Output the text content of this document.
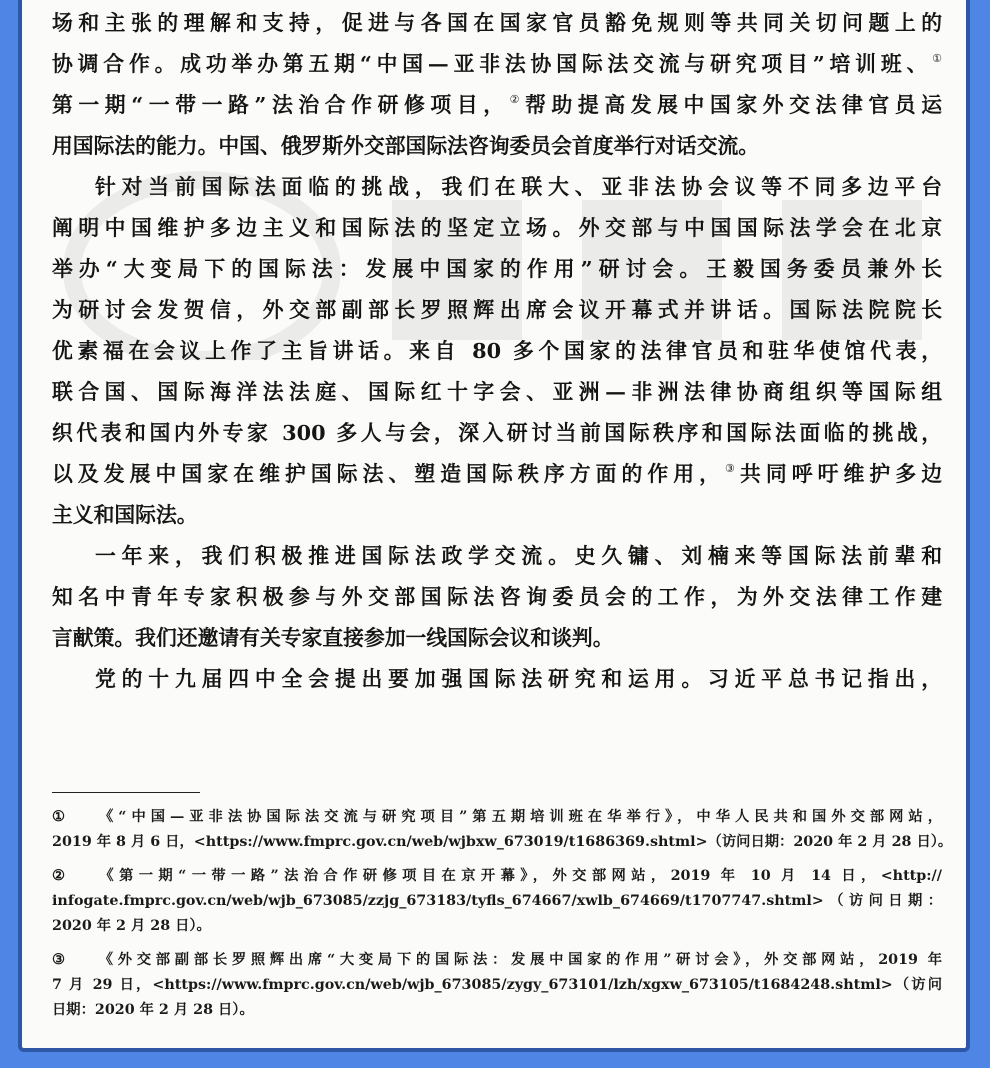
场和主张的理解和支持，促进与各国在国家官员豁免规则等共同关切问题上的
协调合作。成功举办第五期“中国—亚非法协国际法交流与研究项目”培训班、①
第一期“一带一路”法治合作研修项目，②帮助提高发展中国家外交法律官员运
用国际法的能力。中国、俄罗斯外交部国际法咨询委员会首度举行对话交流。
针对当前国际法面临的挑战，我们在联大、亚非法协会议等不同多边平台
阐明中国维护多边主义和国际法的坚定立场。外交部与中国国际法学会在北京
举办“大变局下的国际法：发展中国家的作用”研讨会。王毅国务委员兼外长
为研讨会发贺信，外交部副部长罗照辉出席会议开幕式并讲话。国际法院院长
优素福在会议上作了主旨讲话。来自 80 多个国家的法律官员和驻华使馆代表，
联合国、国际海洋法法庭、国际红十字会、亚洲—非洲法律协商组织等国际组
织代表和国内外专家 300 多人与会，深入研讨当前国际秩序和国际法面临的挑战，
以及发展中国家在维护国际法、塑造国际秩序方面的作用，③共同呼吁维护多边
主义和国际法。
一年来，我们积极推进国际法政学交流。史久镛、刘楠来等国际法前辈和
知名中青年专家积极参与外交部国际法咨询委员会的工作，为外交法律工作建
言献策。我们还邀请有关专家直接参加一线国际会议和谈判。
党的十九届四中全会提出要加强国际法研究和运用。习近平总书记指出，
① 《“中国—亚非法协国际法交流与研究项目”第五期培训班在华举行》，中华人民共和国外交部网站，
2019 年 8 月 6 日，<https://www.fmprc.gov.cn/web/wjbxw_673019/t1686369.shtml>（访问日期：2020 年 2 月 28 日）。
② 《第一期“一带一路”法治合作研修项目在京开幕》，外交部网站，2019 年 10 月 14 日，<http://
infogate.fmprc.gov.cn/web/wjb_673085/zzjg_673183/tyfls_674667/xwlb_674669/t1707747.shtml>（访问日期：
2020 年 2 月 28 日）。
③ 《外交部副部长罗照辉出席“大变局下的国际法：发展中国家的作用”研讨会》，外交部网站，2019 年
7 月 29 日，<https://www.fmprc.gov.cn/web/wjb_673085/zygy_673101/lzh/xgxw_673105/t1684248.shtml>（访问
日期：2020 年 2 月 28 日）。
